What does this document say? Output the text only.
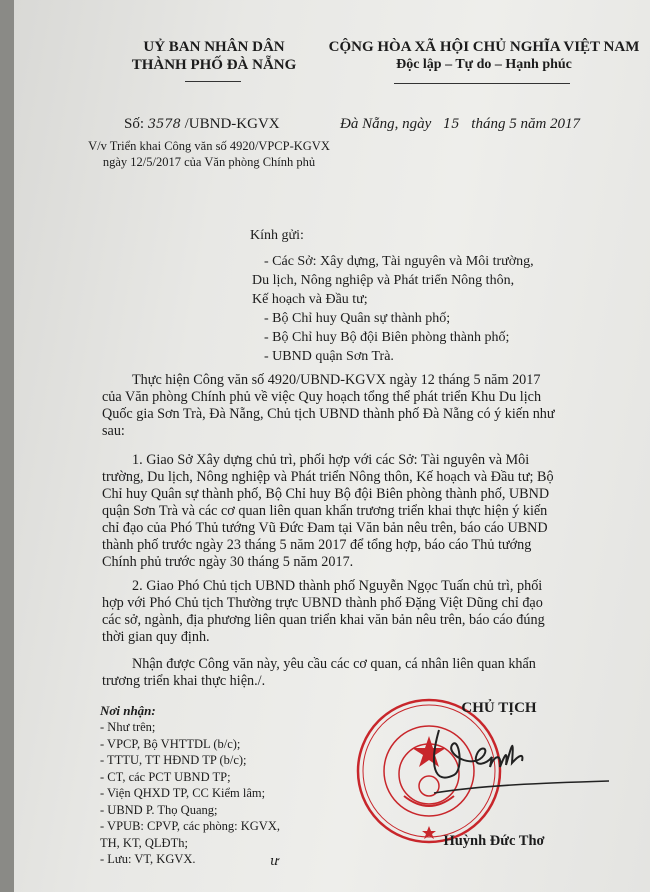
UỶ BAN NHÂN DÂN
THÀNH PHỐ ĐÀ NẴNG
CỘNG HÒA XÃ HỘI CHỦ NGHĨA VIỆT NAM
Độc lập – Tự do – Hạnh phúc
Số: 3578 /UBND-KGVX	Đà Nẵng, ngày 15 tháng 5 năm 2017
V/v Triển khai Công văn số 4920/VPCP-KGVX
ngày 12/5/2017 của Văn phòng Chính phủ
Kính gửi:
- Các Sở: Xây dựng, Tài nguyên và Môi trường,
Du lịch, Nông nghiệp và Phát triển Nông thôn,
Kế hoạch và Đầu tư;
- Bộ Chỉ huy Quân sự thành phố;
- Bộ Chỉ huy Bộ đội Biên phòng thành phố;
- UBND quận Sơn Trà.
Thực hiện Công văn số 4920/UBND-KGVX ngày 12 tháng 5 năm 2017
của Văn phòng Chính phủ về việc Quy hoạch tổng thể phát triển Khu Du lịch
Quốc gia Sơn Trà, Đà Nẵng, Chủ tịch UBND thành phố Đà Nẵng có ý kiến như
sau:
1. Giao Sở Xây dựng chủ trì, phối hợp với các Sở: Tài nguyên và Môi
trường, Du lịch, Nông nghiệp và Phát triển Nông thôn, Kế hoạch và Đầu tư; Bộ
Chỉ huy Quân sự thành phố, Bộ Chỉ huy Bộ đội Biên phòng thành phố, UBND
quận Sơn Trà và các cơ quan liên quan khẩn trương triển khai thực hiện ý kiến
chỉ đạo của Phó Thủ tướng Vũ Đức Đam tại Văn bản nêu trên, báo cáo UBND
thành phố trước ngày 23 tháng 5 năm 2017 để tổng hợp, báo cáo Thủ tướng
Chính phủ trước ngày 30 tháng 5 năm 2017.
2. Giao Phó Chủ tịch UBND thành phố Nguyễn Ngọc Tuấn chủ trì, phối
hợp với Phó Chủ tịch Thường trực UBND thành phố Đặng Việt Dũng chỉ đạo
các sở, ngành, địa phương liên quan triển khai văn bản nêu trên, báo cáo đúng
thời gian quy định.
Nhận được Công văn này, yêu cầu các cơ quan, cá nhân liên quan khẩn
trương triển khai thực hiện./.
Nơi nhận:
- Như trên;
- VPCP, Bộ VHTTDL (b/c);
- TTTU, TT HĐND TP (b/c);
- CT, các PCT UBND TP;
- Viện QHXD TP, CC Kiểm lâm;
- UBND P. Thọ Quang;
- VPUB: CPVP, các phòng: KGVX,
TH, KT, QLĐTh;
- Lưu: VT, KGVX.	ư
CHỦ TỊCH
Huỳnh Đức Thơ
